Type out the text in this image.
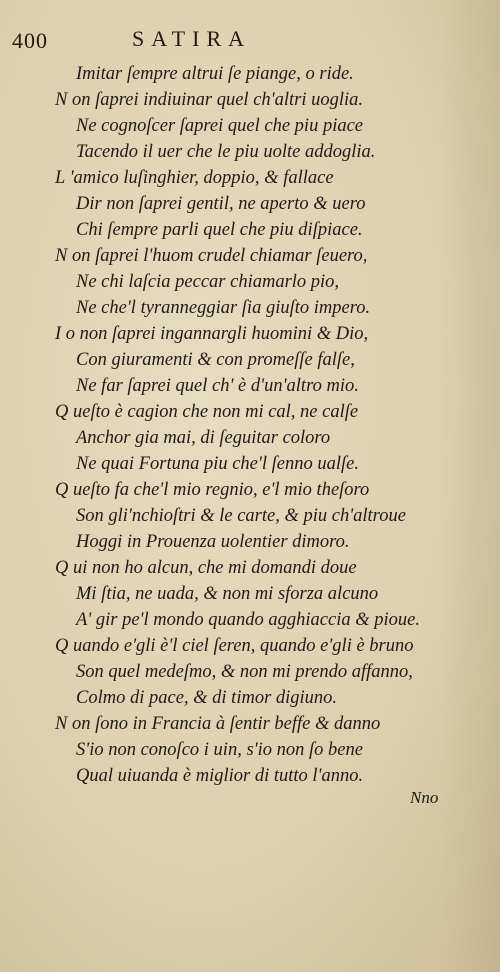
400	SATIRA
Imitar ſempre altrui ſe piange, o ride.
N on ſaprei indiuinar quel ch'altri uoglia.
Ne cognoſcer ſaprei quel che piu piace
Tacendo il uer che le piu uolte addoglia.
L 'amico luſinghier, doppio, & fallace
Dir non ſaprei gentil, ne aperto & uero
Chi ſempre parli quel che piu diſpiace.
N on ſaprei l'huom crudel chiamar ſeuero,
Ne chi laſcia peccar chiamarlo pio,
Ne che'l tyranneggiar ſia giuſto impero.
I o non ſaprei ingannargli huomini & Dio,
Con giuramenti & con promeſſe falſe,
Ne far ſaprei quel ch' è d'un'altro mio.
Q ueſto è cagion che non mi cal, ne calſe
Anchor gia mai, di ſeguitar coloro
Ne quai Fortuna piu che'l ſenno ualſe.
Q ueſto fa che'l mio regnio, e'l mio theſoro
Son gli'nchioſtri & le carte, & piu ch'altroue
Hoggi in Prouenza uolentier dimoro.
Q ui non ho alcun, che mi domandi doue
Mi ſtia, ne uada, & non mi sforza alcuno
A' gir pe'l mondo quando agghiaccia & pioue.
Q uando e'gli è'l ciel ſeren, quando e'gli è bruno
Son quel medeſmo, & non mi prendo affanno,
Colmo di pace, & di timor digiuno.
N on ſono in Francia à ſentir beffe & danno
S'io non conoſco i uin, s'io non ſo bene
Qual uiuanda è miglior di tutto l'anno.
Nno
